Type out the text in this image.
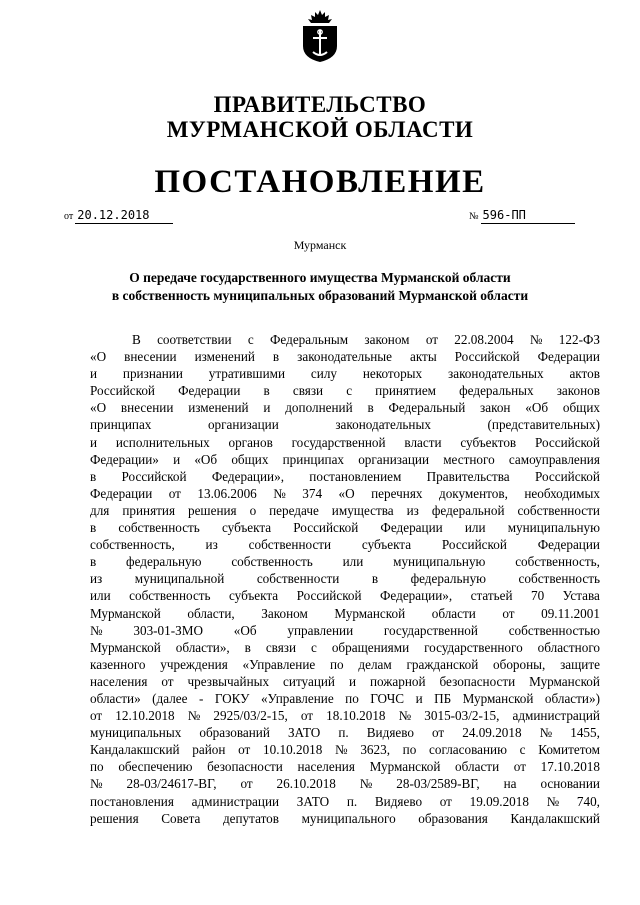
ПРАВИТЕЛЬСТВО
МУРМАНСКОЙ ОБЛАСТИ
ПОСТАНОВЛЕНИЕ
от 20.12.2018	№ 596-ПП
Мурманск
О передаче государственного имущества Мурманской области
в собственность муниципальных образований Мурманской области
В соответствии с Федеральным законом от 22.08.2004 № 122-ФЗ
«О внесении изменений в законодательные акты Российской Федерации
и признании утратившими силу некоторых законодательных актов
Российской Федерации в связи с принятием федеральных законов
«О внесении изменений и дополнений в Федеральный закон «Об общих
принципах	организации	законодательных	(представительных)
и исполнительных органов государственной власти субъектов Российской
Федерации» и «Об общих принципах организации местного самоуправления
в Российской Федерации», постановлением Правительства Российской
Федерации от 13.06.2006 № 374 «О перечнях документов, необходимых
для принятия решения о передаче имущества из федеральной собственности
в собственность субъекта Российской Федерации или муниципальную
собственность, из собственности субъекта Российской Федерации
в федеральную собственность или муниципальную собственность,
из муниципальной собственности в федеральную собственность
или собственность субъекта Российской Федерации», статьей 70 Устава
Мурманской области, Законом Мурманской области от 09.11.2001
№ 303-01-ЗМО «Об управлении государственной собственностью
Мурманской области», в связи с обращениями государственного областного
казенного учреждения «Управление по делам гражданской обороны, защите
населения от чрезвычайных ситуаций и пожарной безопасности Мурманской
области» (далее - ГОКУ «Управление по ГОЧС и ПБ Мурманской области»)
от 12.10.2018 № 2925/03/2-15, от 18.10.2018 № 3015-03/2-15, администраций
муниципальных образований ЗАТО п. Видяево от 24.09.2018 № 1455,
Кандалакшский район от 10.10.2018 № 3623, по согласованию с Комитетом
по обеспечению безопасности населения Мурманской области от 17.10.2018
№ 28-03/24617-ВГ, от 26.10.2018 № 28-03/2589-ВГ, на основании
постановления администрации ЗАТО п. Видяево от 19.09.2018 № 740,
решения Совета депутатов муниципального образования Кандалакшский
